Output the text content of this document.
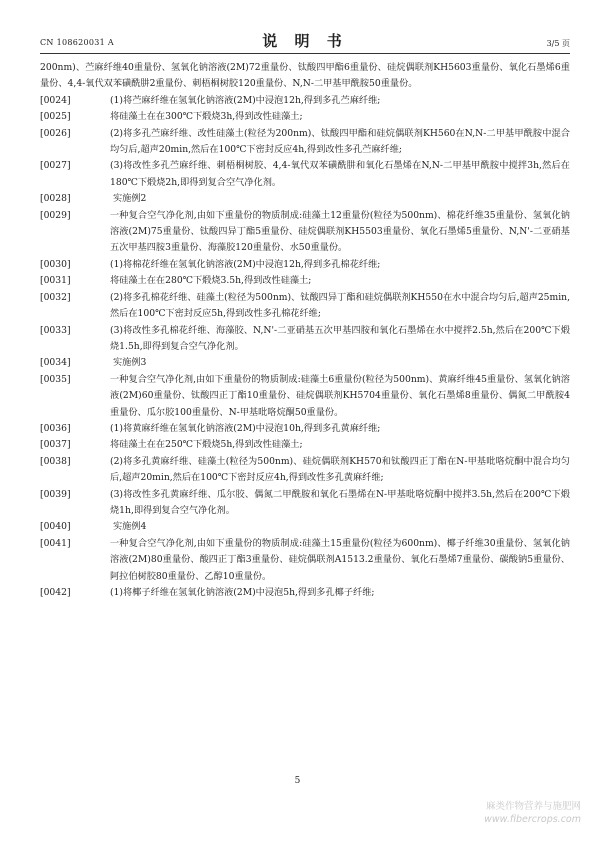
CN 108620031 A	说 明 书	3/5 页
200nm)、苎麻纤维40重量份、氢氧化钠溶液(2M)72重量份、钛酸四甲酯6重量份、硅烷偶联剂KH5603重量份、氧化石墨烯6重量份、4,4-氧代双苯磺酰肼2重量份、刺梧桐树胶120重量份、N,N-二甲基甲酰胺50重量份。
[0024]	(1)将苎麻纤维在氢氧化钠溶液(2M)中浸泡12h,得到多孔苎麻纤维;
[0025]	将硅藻土在在300℃下煅烧3h,得到改性硅藻土;
[0026]	(2)将多孔苎麻纤维、改性硅藻土(粒径为200nm)、钛酸四甲酯和硅烷偶联剂KH560在N,N-二甲基甲酰胺中混合均匀后,超声20min,然后在100℃下密封反应4h,得到改性多孔苎麻纤维;
[0027]	(3)将改性多孔苎麻纤维、刺梧桐树胶、4,4-氧代双苯磺酰肼和氧化石墨烯在N,N-二甲基甲酰胺中搅拌3h,然后在180℃下煅烧2h,即得到复合空气净化剂。
[0028]	实施例2
[0029]	一种复合空气净化剂,由如下重量份的物质制成:硅藻土12重量份(粒径为500nm)、棉花纤维35重量份、氢氧化钠溶液(2M)75重量份、钛酸四异丁酯5重量份、硅烷偶联剂KH5503重量份、氧化石墨烯5重量份、N,N'-二亚硝基五次甲基四胺3重量份、海藻胶120重量份、水50重量份。
[0030]	(1)将棉花纤维在氢氧化钠溶液(2M)中浸泡12h,得到多孔棉花纤维;
[0031]	将硅藻土在在280℃下煅烧3.5h,得到改性硅藻土;
[0032]	(2)将多孔棉花纤维、硅藻土(粒径为500nm)、钛酸四异丁酯和硅烷偶联剂KH550在水中混合均匀后,超声25min,然后在100℃下密封反应5h,得到改性多孔棉花纤维;
[0033]	(3)将改性多孔棉花纤维、海藻胶、N,N'-二亚硝基五次甲基四胺和氧化石墨烯在水中搅拌2.5h,然后在200℃下煅烧1.5h,即得到复合空气净化剂。
[0034]	实施例3
[0035]	一种复合空气净化剂,由如下重量份的物质制成:硅藻土6重量份(粒径为500nm)、黄麻纤维45重量份、氢氧化钠溶液(2M)60重量份、钛酸四正丁酯10重量份、硅烷偶联剂KH5704重量份、氧化石墨烯8重量份、偶氮二甲酰胺4重量份、瓜尔胶100重量份、N-甲基吡咯烷酮50重量份。
[0036]	(1)将黄麻纤维在氢氧化钠溶液(2M)中浸泡10h,得到多孔黄麻纤维;
[0037]	将硅藻土在在250℃下煅烧5h,得到改性硅藻土;
[0038]	(2)将多孔黄麻纤维、硅藻土(粒径为500nm)、硅烷偶联剂KH570和钛酸四正丁酯在N-甲基吡咯烷酮中混合均匀后,超声20min,然后在100℃下密封反应4h,得到改性多孔黄麻纤维;
[0039]	(3)将改性多孔黄麻纤维、瓜尔胶、偶氮二甲酰胺和氧化石墨烯在N-甲基吡咯烷酮中搅拌3.5h,然后在200℃下煅烧1h,即得到复合空气净化剂。
[0040]	实施例4
[0041]	一种复合空气净化剂,由如下重量份的物质制成:硅藻土15重量份(粒径为600nm)、椰子纤维30重量份、氢氧化钠溶液(2M)80重量份、酸四正丁酯3重量份、硅烷偶联剂A1513.2重量份、氧化石墨烯7重量份、碳酸钠5重量份、阿拉伯树胶80重量份、乙醇10重量份。
[0042]	(1)将椰子纤维在氢氧化钠溶液(2M)中浸泡5h,得到多孔椰子纤维;
5
麻类作物营养与施肥网
www.fibercrops.com
